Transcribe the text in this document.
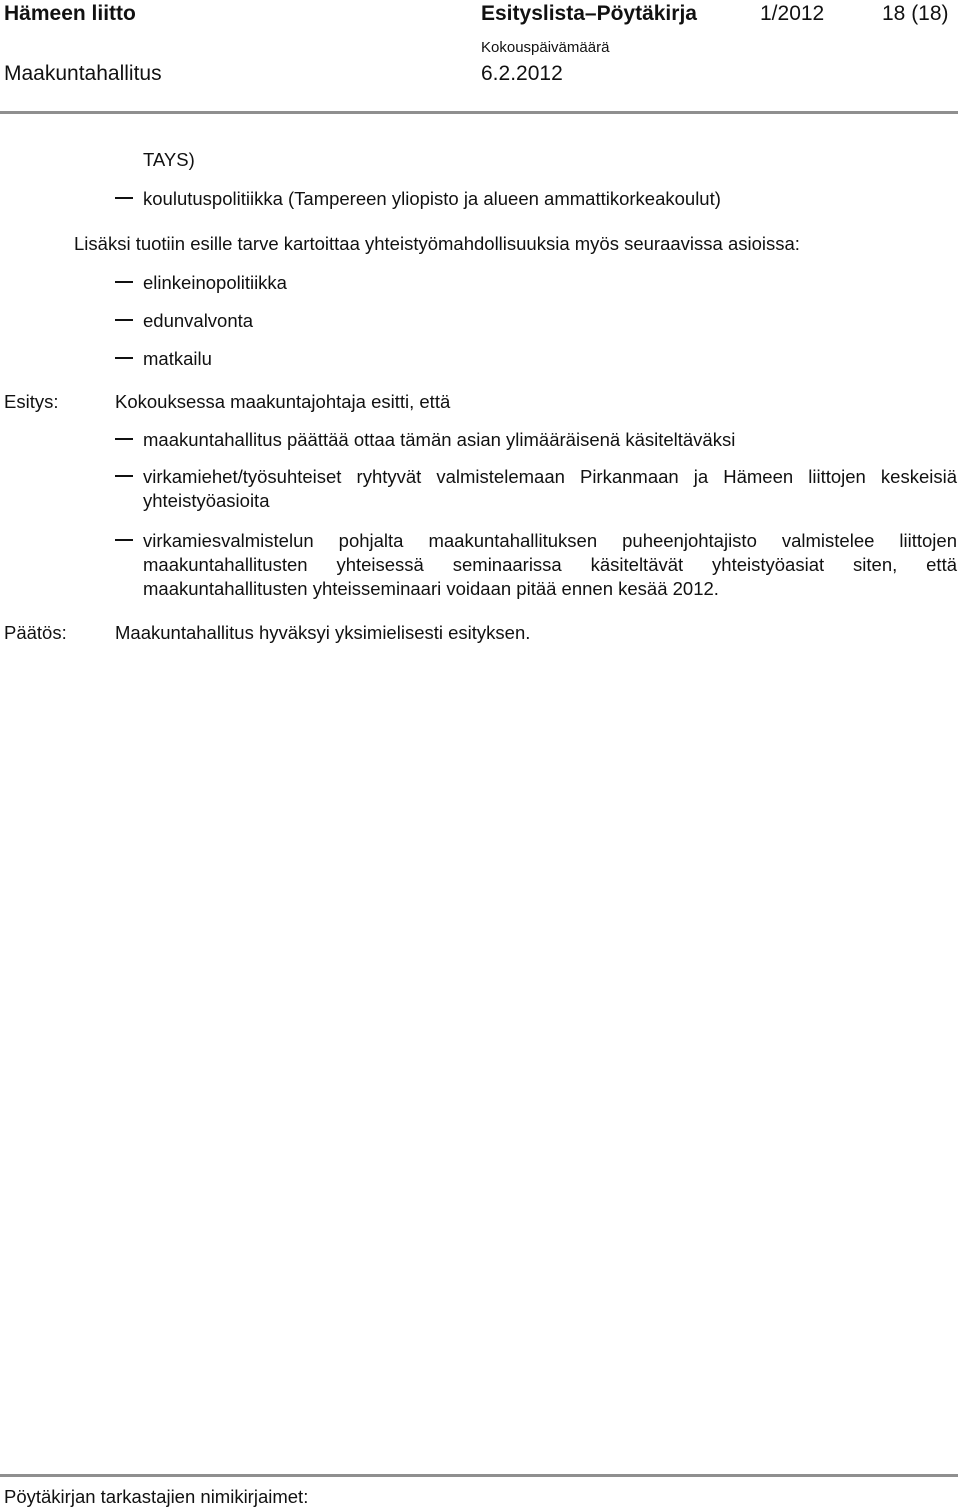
Hämeen liitto	Esityslista–Pöytäkirja	1/2012	18 (18)
Maakuntahallitus
Kokouspäivämäärä
6.2.2012
TAYS)
koulutuspolitiikka (Tampereen yliopisto ja alueen ammattikorkeakoulut)
Lisäksi tuotiin esille tarve kartoittaa yhteistyömahdollisuuksia myös seuraavissa asioissa:
elinkeinopolitiikka
edunvalvonta
matkailu
Esitys:	Kokouksessa maakuntajohtaja esitti, että
maakuntahallitus päättää ottaa tämän asian ylimääräisenä käsiteltäväksi
virkamiehet/työsuhteiset ryhtyvät valmistelemaan Pirkanmaan ja Hämeen liittojen keskeisiä yhteistyöasioita
virkamiesvalmistelun pohjalta maakuntahallituksen puheenjohtajisto valmistelee liittojen maakuntahallitusten yhteisessä seminaarissa käsiteltävät yhteistyöasiat siten, että maakuntahallitusten yhteisseminaari voidaan pitää ennen kesää 2012.
Päätös:	Maakuntahallitus hyväksyi yksimielisesti esityksen.
Pöytäkirjan tarkastajien nimikirjaimet:
